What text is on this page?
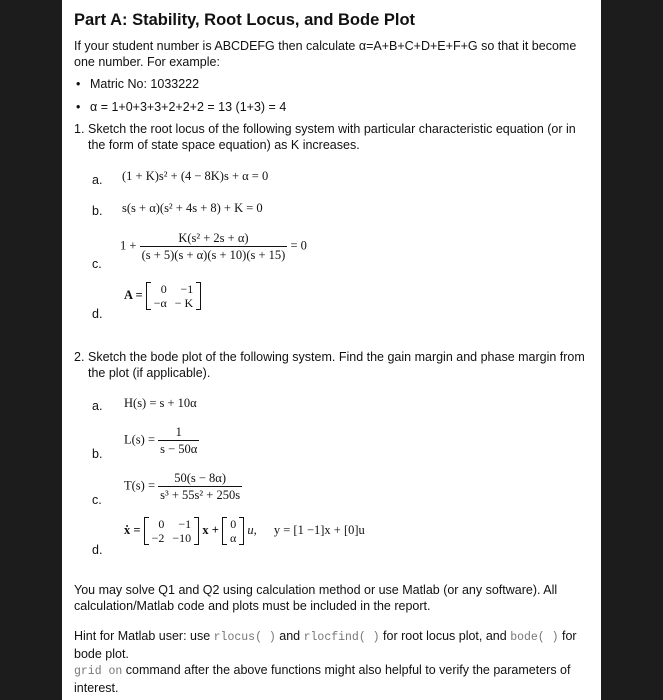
Part A: Stability, Root Locus, and Bode Plot
If your student number is ABCDEFG then calculate α=A+B+C+D+E+F+G so that it become one number. For example:
• Matric No: 1033222
• α = 1+0+3+3+2+2+2 = 13 (1+3) = 4
1. Sketch the root locus of the following system with particular characteristic equation (or in the form of state space equation) as K increases.
a. (1 + K)s² + (4 − 8K)s + α = 0
b. s(s + α)(s² + 4s + 8) + K = 0
c.
$1 + \frac{\text{K(s² + 2s + α)}}{(s + 5)(s + \alpha)(s + 10)(s + 15)} = 0$
d.
A = 0	−1
−α	− K
2. Sketch the bode plot of the following system. Find the gain margin and phase margin from the plot (if applicable).
a. H(s) = s + 10α
b.
$L(s) = \frac{1}{s - 50\alpha}$
c.
$T(s) = \frac{50(s - 8\alpha)}{\text{s³ + 55s² + 250s}}$
d.
ẋ = 0	−1
−2	−10
x + 0
α
u, y = [1 −1]x + [0]u
You may solve Q1 and Q2 using calculation method or use Matlab (or any software). All calculation/Matlab code and plots must be included in the report.
Hint for Matlab user: use rlocus( ) and rlocfind( ) for root locus plot, and bode( ) for bode plot.
grid on command after the above functions might also helpful to verify the parameters of interest.
